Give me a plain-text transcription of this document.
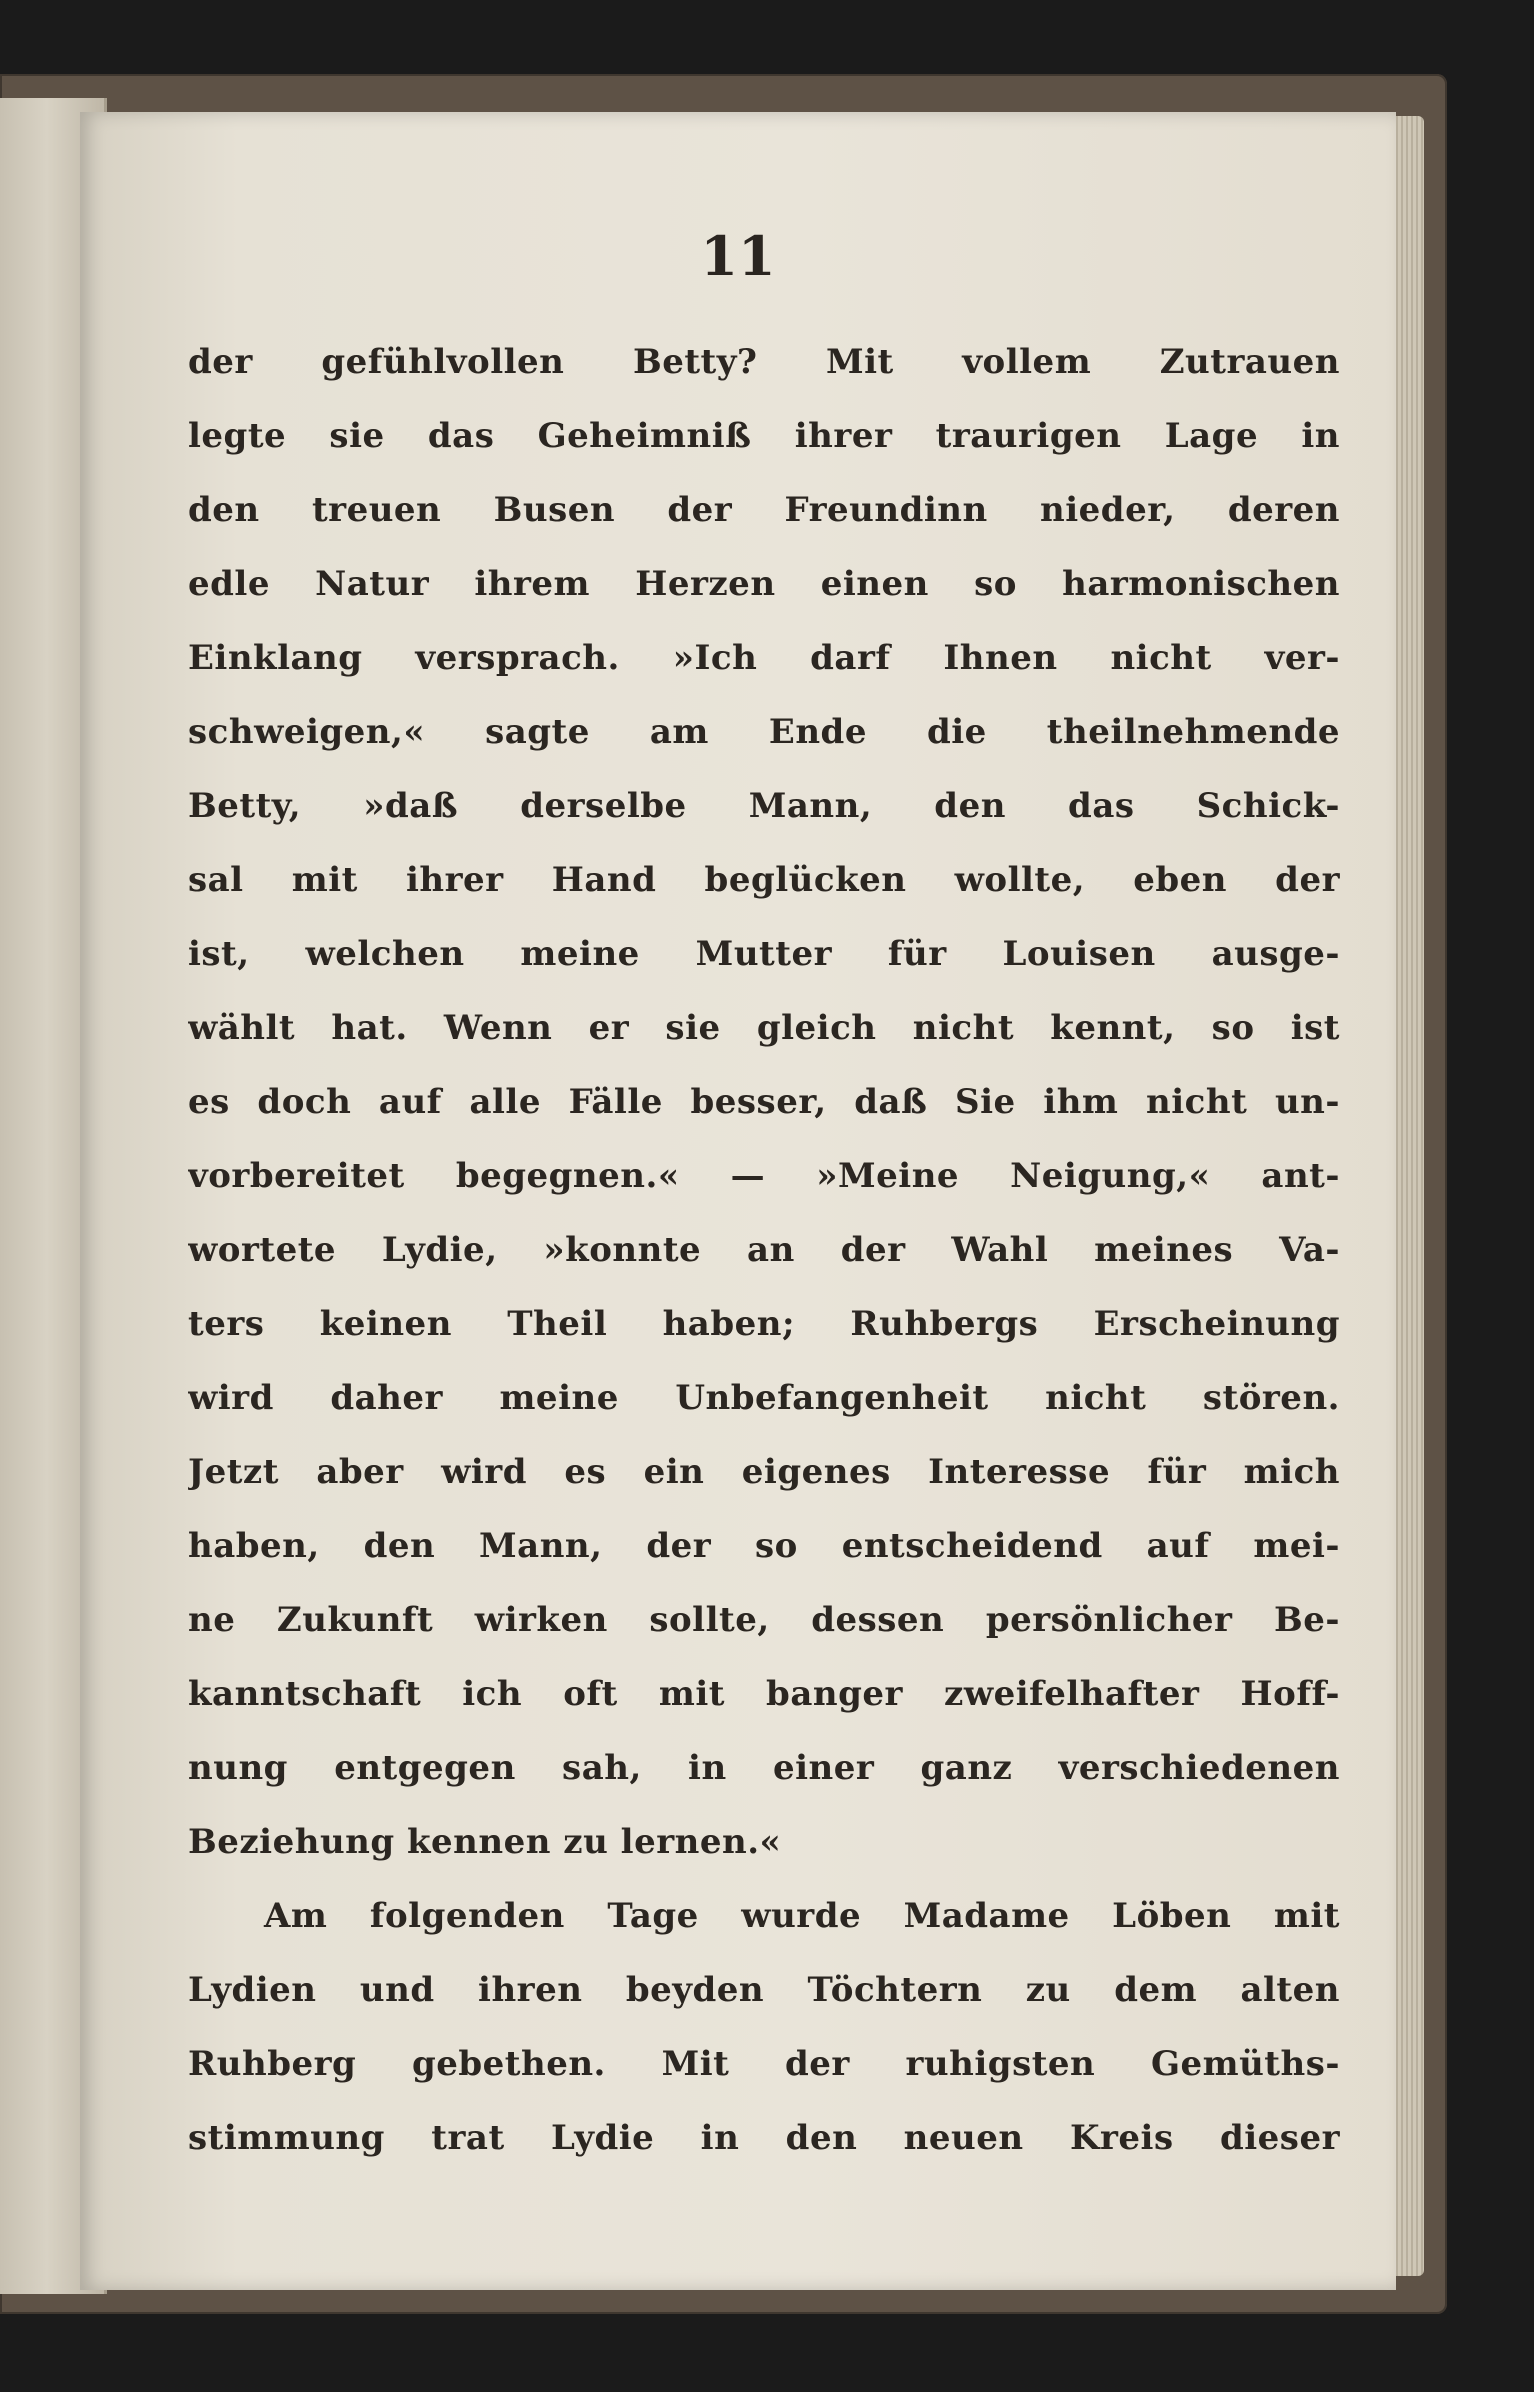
11
der gefühlvollen Betty? Mit vollem Zutrauen
legte sie das Geheimniß ihrer traurigen Lage in
den treuen Busen der Freundinn nieder, deren
edle Natur ihrem Herzen einen so harmonischen
Einklang versprach. »Ich darf Ihnen nicht ver-
schweigen,« sagte am Ende die theilnehmende
Betty, »daß derselbe Mann, den das Schick-
sal mit ihrer Hand beglücken wollte, eben der
ist, welchen meine Mutter für Louisen ausge-
wählt hat. Wenn er sie gleich nicht kennt, so ist
es doch auf alle Fälle besser, daß Sie ihm nicht un-
vorbereitet begegnen.« — »Meine Neigung,« ant-
wortete Lydie, »konnte an der Wahl meines Va-
ters keinen Theil haben; Ruhbergs Erscheinung
wird daher meine Unbefangenheit nicht stören.
Jetzt aber wird es ein eigenes Interesse für mich
haben, den Mann, der so entscheidend auf mei-
ne Zukunft wirken sollte, dessen persönlicher Be-
kanntschaft ich oft mit banger zweifelhafter Hoff-
nung entgegen sah, in einer ganz verschiedenen
Beziehung kennen zu lernen.«
Am folgenden Tage wurde Madame Löben mit
Lydien und ihren beyden Töchtern zu dem alten
Ruhberg gebethen. Mit der ruhigsten Gemüths-
stimmung trat Lydie in den neuen Kreis dieser
